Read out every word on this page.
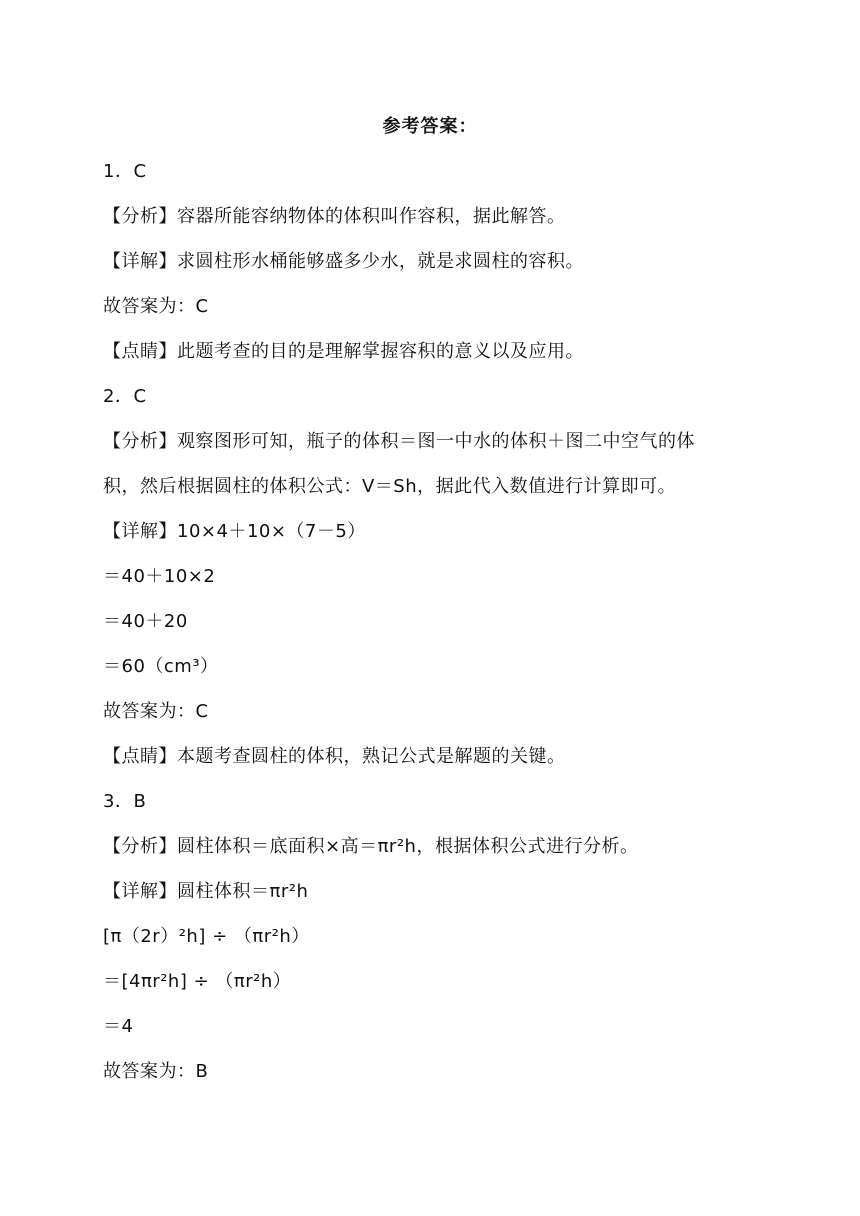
参考答案：
1．C
【分析】容器所能容纳物体的体积叫作容积，据此解答。
【详解】求圆柱形水桶能够盛多少水，就是求圆柱的容积。
故答案为：C
【点睛】此题考查的目的是理解掌握容积的意义以及应用。
2．C
【分析】观察图形可知，瓶子的体积＝图一中水的体积＋图二中空气的体
积，然后根据圆柱的体积公式：V＝Sh，据此代入数值进行计算即可。
【详解】10×4＋10×（7－5）
＝40＋10×2
＝40＋20
＝60（cm³）
故答案为：C
【点睛】本题考查圆柱的体积，熟记公式是解题的关键。
3．B
【分析】圆柱体积＝底面积×高＝πr²h，根据体积公式进行分析。
【详解】圆柱体积＝πr²h
[π（2r）²h] ÷ （πr²h）
＝[4πr²h] ÷ （πr²h）
＝4
故答案为：B
